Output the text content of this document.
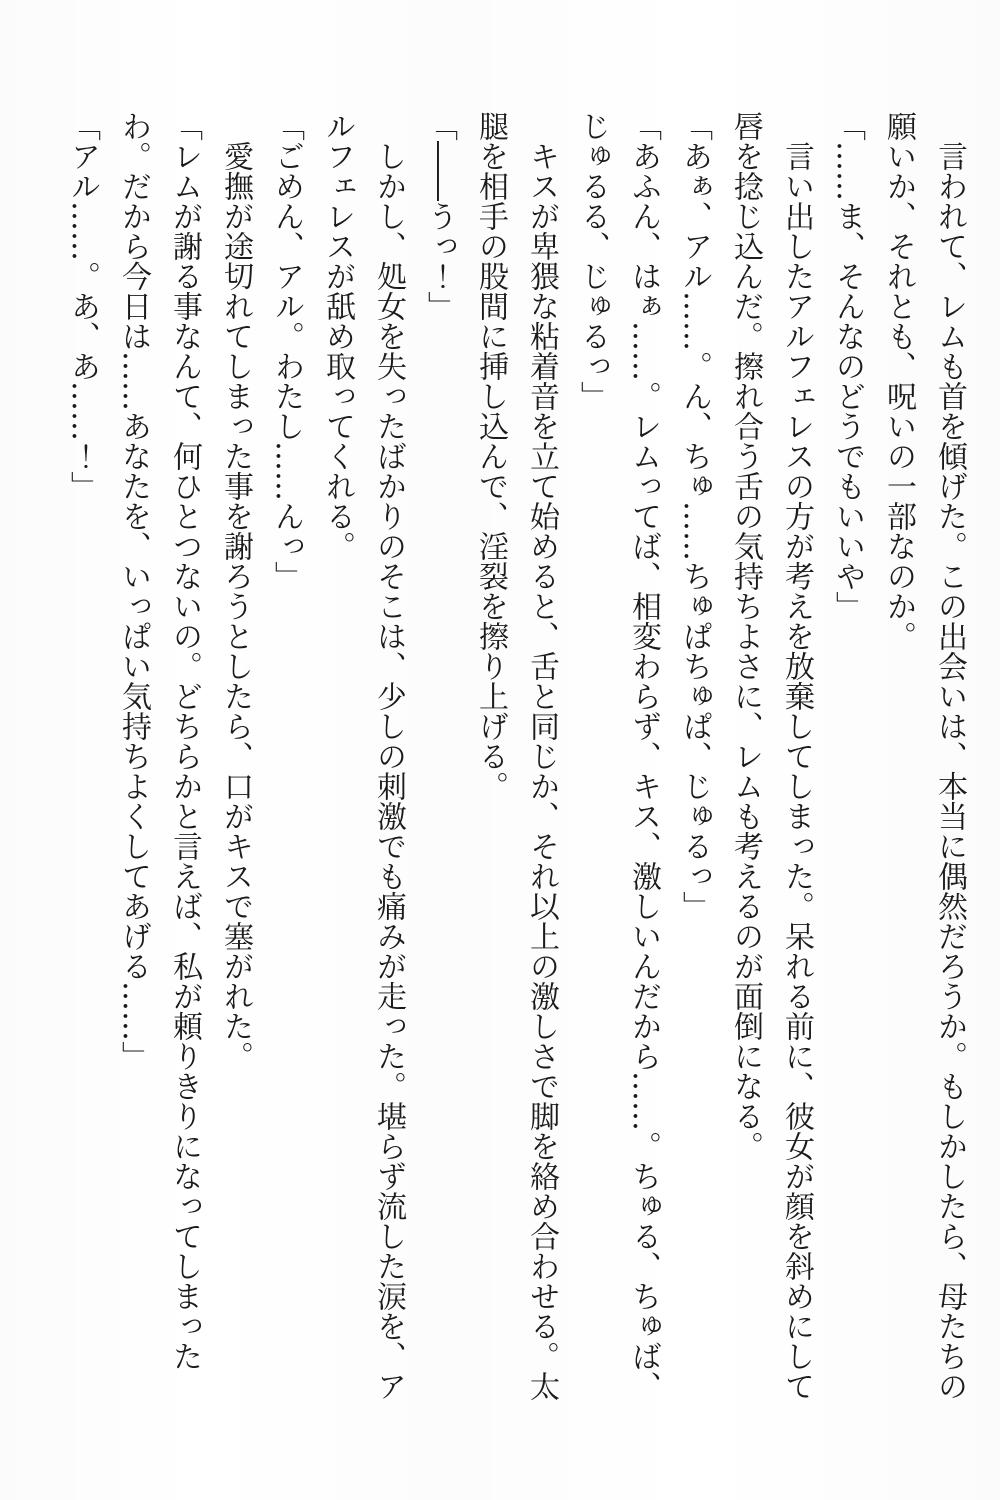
言われて、レムも首を傾げた。この出会いは、本当に偶然だろうか。もしかしたら、母たちの願いか、それとも、呪いの一部なのか。

「……ま、そんなのどうでもいいや」

言い出したアルフェレスの方が考えを放棄してしまった。呆れる前に、彼女が顔を斜めにして唇を捻じ込んだ。擦れ合う舌の気持ちよさに、レムも考えるのが面倒になる。

「あぁ、アル……。ん、ちゅ……ちゅぱちゅぱ、じゅるっ」

「あふん、はぁ……。レムってば、相変わらず、キス、激しいんだから……。ちゅる、ちゅば、じゅるる、じゅるっ」

キスが卑猥な粘着音を立て始めると、舌と同じか、それ以上の激しさで脚を絡め合わせる。太腿を相手の股間に挿し込んで、淫裂を擦り上げる。

「――うっ！」

しかし、処女を失ったばかりのそこは、少しの刺激でも痛みが走った。堪らず流した涙を、アルフェレスが舐め取ってくれる。

「ごめん、アル。わたし……んっ」

愛撫が途切れてしまった事を謝ろうとしたら、口がキスで塞がれた。

「レムが謝る事なんて、何ひとつないの。どちらかと言えば、私が頼りきりになってしまったわ。だから今日は……あなたを、いっぱい気持ちよくしてあげる……」

「アル……。あ、あ……！」
